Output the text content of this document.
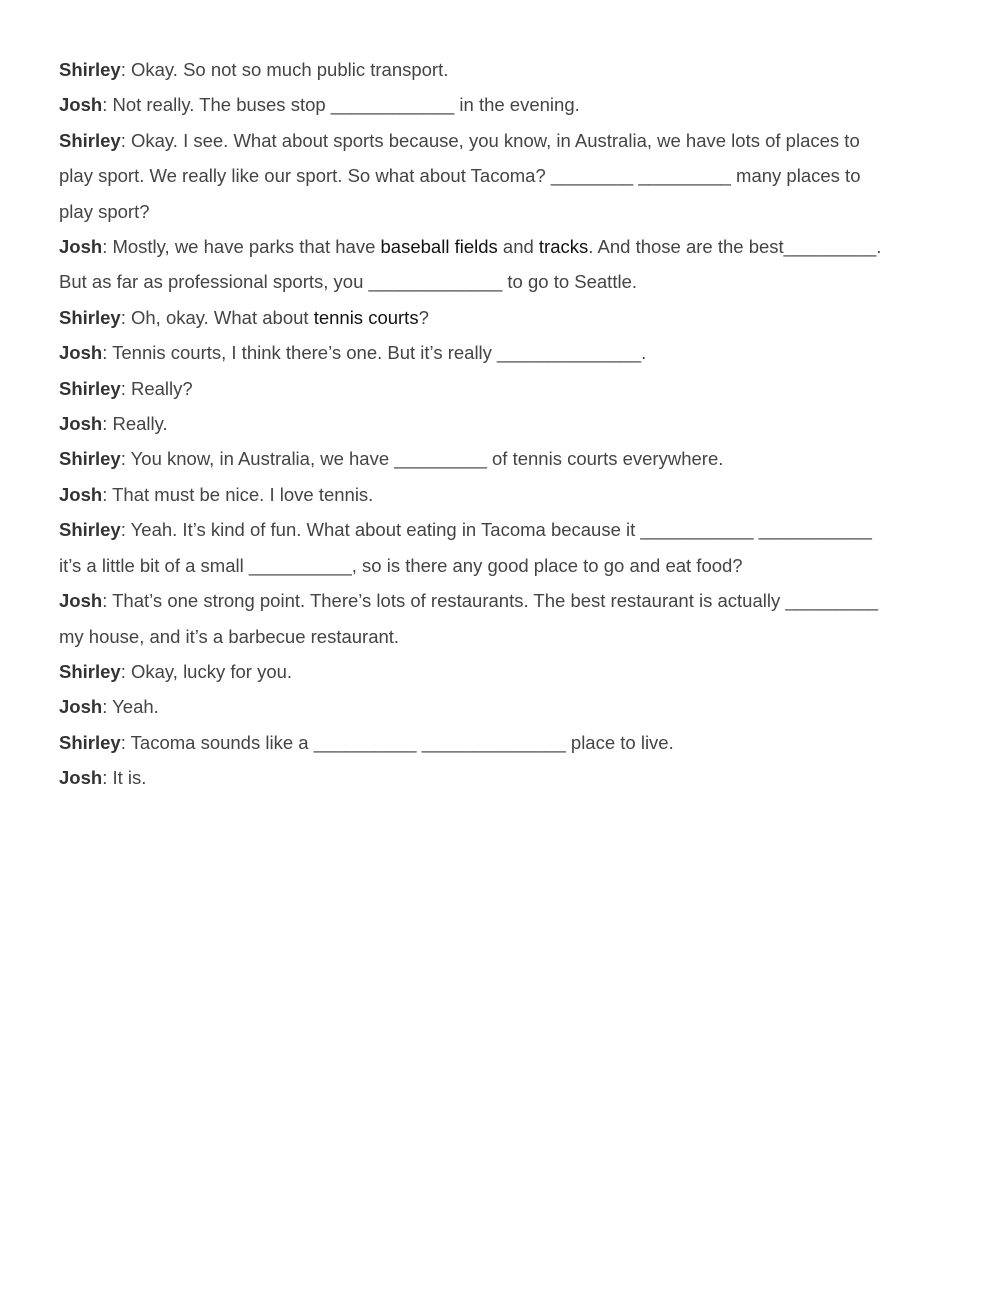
Shirley: Okay. So not so much public transport.
Josh: Not really. The buses stop ____________ in the evening.
Shirley: Okay. I see. What about sports because, you know, in Australia, we have lots of places to
play sport. We really like our sport. So what about Tacoma? ________ _________ many places to
play sport?
Josh: Mostly, we have parks that have baseball fields and tracks. And those are the best_________.
But as far as professional sports, you _____________ to go to Seattle.
Shirley: Oh, okay. What about tennis courts?
Josh: Tennis courts, I think there’s one. But it’s really ______________.
Shirley: Really?
Josh: Really.
Shirley: You know, in Australia, we have _________ of tennis courts everywhere.
Josh: That must be nice. I love tennis.
Shirley: Yeah. It’s kind of fun. What about eating in Tacoma because it ___________ ___________
it’s a little bit of a small __________, so is there any good place to go and eat food?
Josh: That’s one strong point. There’s lots of restaurants. The best restaurant is actually _________
my house, and it’s a barbecue restaurant.
Shirley: Okay, lucky for you.
Josh: Yeah.
Shirley: Tacoma sounds like a __________ ______________ place to live.
Josh: It is.
